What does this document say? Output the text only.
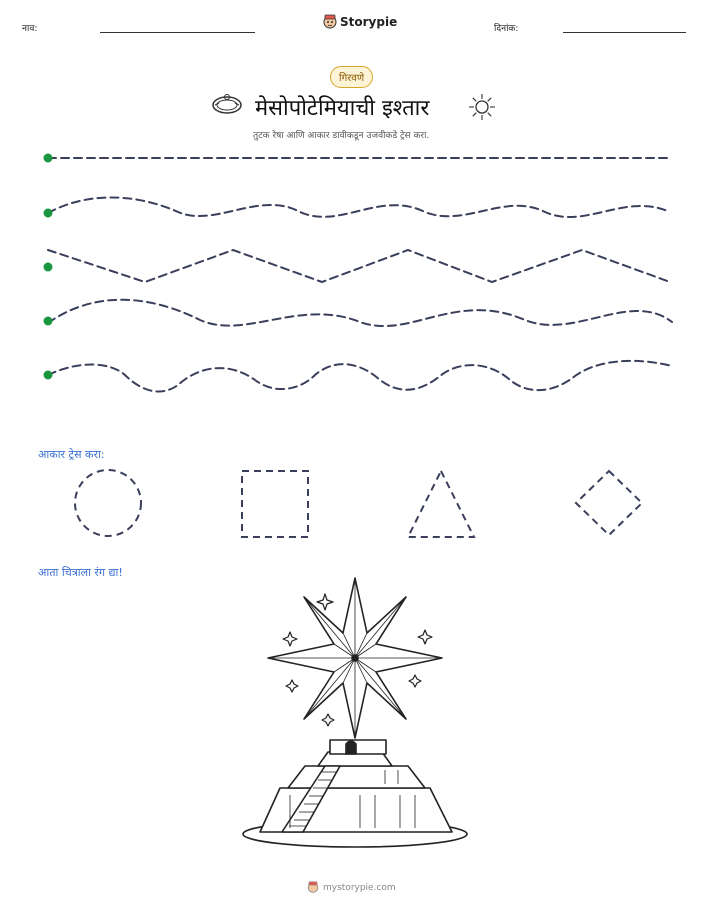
नाव:	Storypie	दिनांक:
गिरवणे
मेसोपोटेमियाची इश्तार
तुटक रेषा आणि आकार डावीकडून उजवीकडे ट्रेस करा.
आकार ट्रेस करा:
आता चित्राला रंग द्या!
mystorypie.com
